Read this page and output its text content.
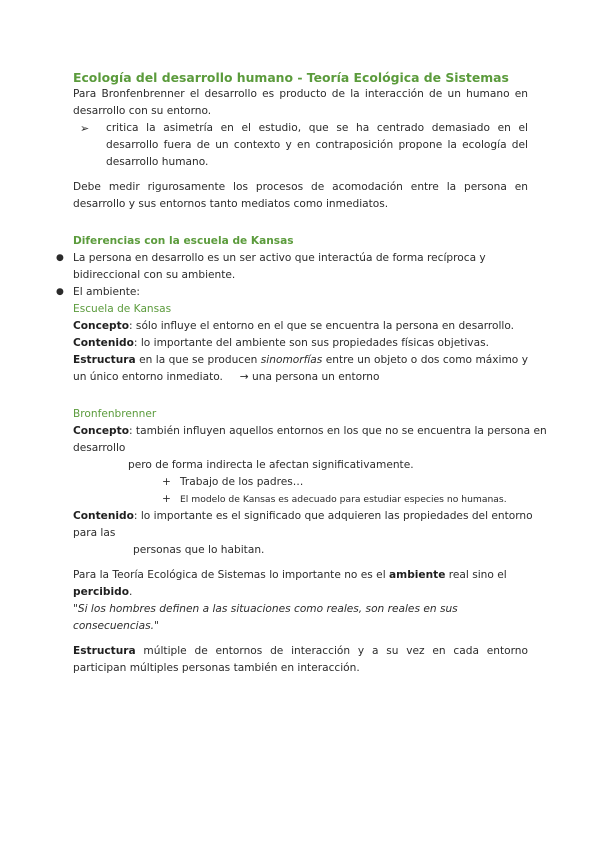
Ecología del desarrollo humano - Teoría Ecológica de Sistemas

Para Bronfenbrenner el desarrollo es producto de la interacción de un humano en desarrollo con su entorno.

➢ critica la asimetría en el estudio, que se ha centrado demasiado en el desarrollo fuera de un contexto y en contraposición propone la ecología del desarrollo humano.

Debe medir rigurosamente los procesos de acomodación entre la persona en desarrollo y sus entornos tanto mediatos como inmediatos.

Diferencias con la escuela de Kansas

● La persona en desarrollo es un ser activo que interactúa de forma recíproca y bidireccional con su ambiente.

● El ambiente:

Escuela de Kansas

Concepto: sólo influye el entorno en el que se encuentra la persona en desarrollo.

Contenido: lo importante del ambiente son sus propiedades físicas objetivas.

Estructura en la que se producen sinomorfías entre un objeto o dos como máximo y un único entorno inmediato. → una persona un entorno

Bronfenbrenner

Concepto: también influyen aquellos entornos en los que no se encuentra la persona en desarrollo

pero de forma indirecta le afectan significativamente.

+ Trabajo de los padres…

+ El modelo de Kansas es adecuado para estudiar especies no humanas.

Contenido: lo importante es el significado que adquieren las propiedades del entorno para las

personas que lo habitan.

Para la Teoría Ecológica de Sistemas lo importante no es el ambiente real sino el percibido.

"Si los hombres definen a las situaciones como reales, son reales en sus consecuencias."

Estructura múltiple de entornos de interacción y a su vez en cada entorno participan múltiples personas también en interacción.
